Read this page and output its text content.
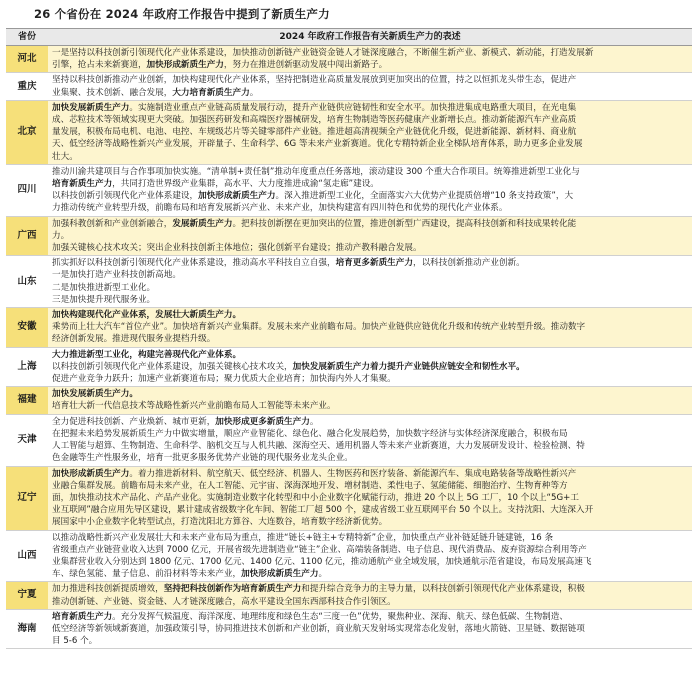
26 个省份在 2024 年政府工作报告中提到了新质生产力
省份	2024 年政府工作报告有关新质生产力的表述
河北	一是坚持以科技创新引领现代化产业体系建设，加快推动创新链产业链资金链人才链深度融合，不断催生新产业、新模式、新动能，打造发展新
引擎，抢占未来新赛道，加快形成新质生产力，努力在推进创新驱动发展中闯出新路子。

重庆	坚持以科技创新推动产业创新，加快构建现代化产业体系，坚持把制造业高质量发展放到更加突出的位置，持之以恒抓龙头带生态，促进产
业集聚、技术创新、融合发展，大力培育新质生产力。

北京	加快发展新质生产力。实施制造业重点产业链高质量发展行动，提升产业链供应链韧性和安全水平。加快推进集成电路重大项目，在光电集
成、芯粒技术等领域实现更大突破。加强医药研发和高端医疗器械研发，培育生物制造等医药健康产业新增长点。推动新能源汽车产业高质
量发展，积极布局电机、电池、电控、车规级芯片等关键零部件产业链。推进超高清视频全产业链优化升级，促进新能源、新材料、商业航
天、低空经济等战略性新兴产业发展，开辟量子、生命科学、6G 等未来产业新赛道。优化专精特新企业全梯队培育体系，助力更多企业发展
壮大。

四川	推动川渝共建项目与合作事项加快实施。“清单制+责任制”推动年度重点任务落地，滚动建设 300 个重大合作项目。统筹推进新型工业化与
培育新质生产力，共同打造世界级产业集群，高水平、大力度推进成渝“氢走廊”建设。
以科技创新引领现代化产业体系建设，加快形成新质生产力。深入推进新型工业化，全面落实六大优势产业提质倍增“10 条支持政策”，大
力推动传统产业转型升级，前瞻布局和培育发展新兴产业、未来产业，加快构建富有四川特色和优势的现代化产业体系。

广西	加强科教创新和产业创新融合，发展新质生产力。把科技创新摆在更加突出的位置，推进创新型广西建设，提高科技创新和科技成果转化能
力。
加强关键核心技术攻关；突出企业科技创新主体地位；强化创新平台建设；推动产教科融合发展。

山东	抓实抓好以科技创新引领现代化产业体系建设，推动高水平科技自立自强，培育更多新质生产力，以科技创新推动产业创新。
一是加快打造产业科技创新高地。
二是加快推进新型工业化。
三是加快提升现代服务业。

安徽	加快构建现代化产业体系，发展壮大新质生产力。
乘势而上壮大汽车“首位产业”。加快培育新兴产业集群。发展未来产业前瞻布局。加快产业链供应链优化升级和传统产业转型升级。推动数字
经济创新发展。推进现代服务业提档升级。

上海	大力推进新型工业化，构建完善现代化产业体系。
以科技创新引领现代化产业体系建设，加强关键核心技术攻关，加快发展新质生产力着力提升产业链供应链安全和韧性水平。
促进产业竞争力跃升；加速产业新赛道布局；聚力优质大企业培育；加快海内外人才集聚。

福建	加快发展新质生产力。
培育壮大新一代信息技术等战略性新兴产业前瞻布局人工智能等未来产业。

天津	全力促进科技创新、产业焕新、城市更新，加快形成更多新质生产力。
在把握未来趋势发展新质生产力中做实增量，顺应产业智能化、绿色化、融合化发展趋势，加快数字经济与实体经济深度融合，积极布局
人工智能与超算、生物制造、生命科学、脑机交互与人机共融、深海空天、通用机器人等未来产业新赛道，大力发展研发设计、检验检测、特
色金融等生产性服务业，培育一批更多服务优势产业链的现代服务业龙头企业。

辽宁	加快形成新质生产力。着力推进新材料、航空航天、低空经济、机器人、生物医药和医疗装备、新能源汽车、集成电路装备等战略性新兴产
业融合集群发展。前瞻布局未来产业，在人工智能、元宇宙、深海深地开发、增材制造、柔性电子、氢能储能、细胞治疗、生物育种等方
面，加快推动技术产品化、产品产业化。实施制造业数字化转型和中小企业数字化赋能行动，推进 20 个以上 5G 工厂，10 个以上“5G+工
业互联网”融合应用先导区建设，累计建成省级数字化车间、智能工厂超 500 个，建成省级工业互联网平台 50 个以上。支持沈阳、大连深入开
展国家中小企业数字化转型试点，打造沈阳北方算谷、大连数谷，培育数字经济新优势。

山西	以推动战略性新兴产业发展壮大和未来产业布局为重点，推进“链长+链主+专精特新”企业，加快重点产业补链延链升链建链，16 条
省级重点产业链营业收入达到 7000 亿元，开展省级先进制造业“链主”企业、高端装备制造、电子信息、现代消费品、废弃资源综合利用等产
业集群营业收入分别达到 1800 亿元、1700 亿元、1400 亿元、1100 亿元，推动通航产业全域发展，加快通航示范省建设，布局发展高速飞
车、绿色氢能、量子信息、前沿材料等未来产业，加快形成新质生产力。

宁夏	加力推进科技创新提质增效，坚持把科技创新作为培育新质生产力和提升综合竞争力的主导力量，以科技创新引领现代化产业体系建设，积极
推动创新链、产业链、资金链、人才链深度融合，高水平建设全国东西部科技合作引领区。

海南	培育新质生产力。充分发挥气候温度、海洋深度、地理纬度和绿色生态“三度一色”优势，聚焦种业、深海、航天、绿色低碳、生物制造、
低空经济等新领域新赛道，加强政策引导，协同推进技术创新和产业创新，商业航天发射场实现常态化发射，落地火箭链、卫星链、数据链项
目 5-6 个。
